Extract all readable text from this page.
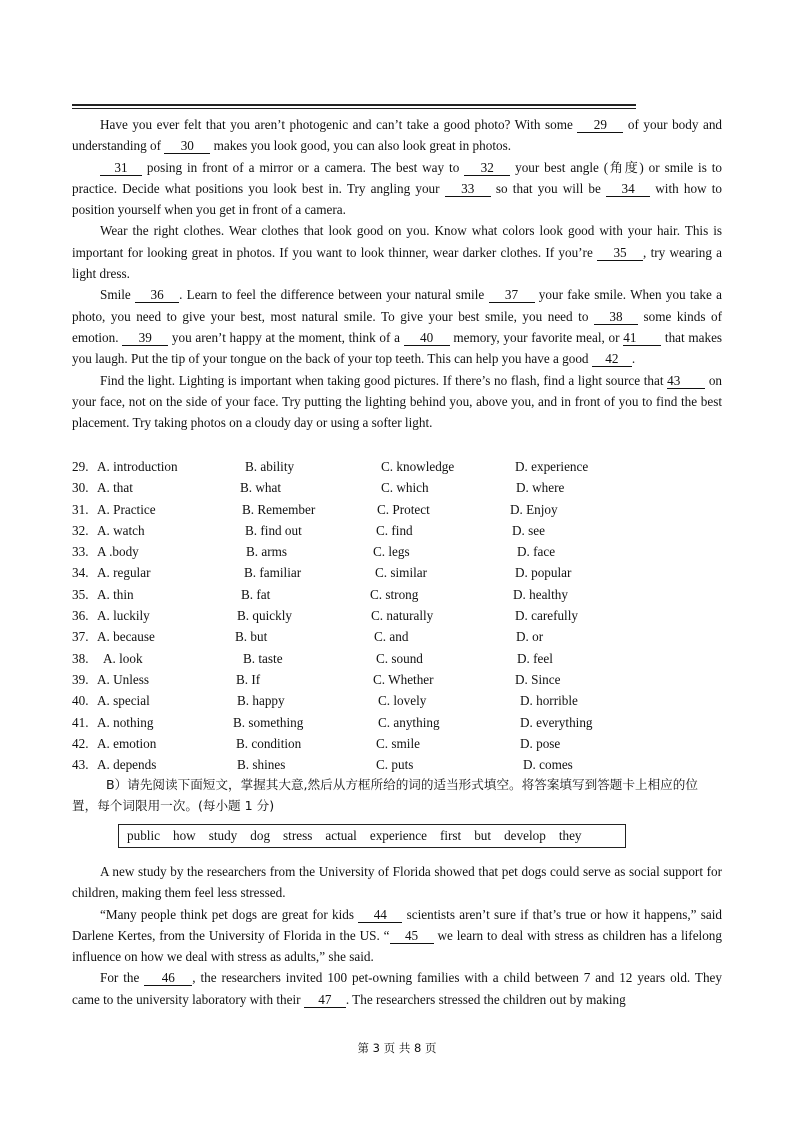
Have you ever felt that you aren’t photogenic and can’t take a good photo? With some 29 of your body and understanding of 30 makes you look good, you can also look great in photos.

31 posing in front of a mirror or a camera. The best way to 32 your best angle (角度) or smile is to practice. Decide what positions you look best in. Try angling your 33 so that you will be 34 with how to position yourself when you get in front of a camera.

Wear the right clothes. Wear clothes that look good on you. Know what colors look good with your hair. This is important for looking great in photos. If you want to look thinner, wear darker clothes. If you’re 35 , try wearing a light dress.

Smile 36 . Learn to feel the difference between your natural smile 37 your fake smile. When you take a photo, you need to give your best, most natural smile. To give your best smile, you need to 38 some kinds of emotion. 39 you aren’t happy at the moment, think of a 40 memory, your favorite meal, or 41 that makes you laugh. Put the tip of your tongue on the back of your top teeth. This can help you have a good 42 .

Find the light. Lighting is important when taking good pictures. If there’s no flash, find a light source that 43 on your face, not on the side of your face. Try putting the lighting behind you, above you, and in front of you to find the best placement. Try taking photos on a cloudy day or using a softer light.

29. A. introduction	B. ability	C. knowledge	D. experience
30. A. that	B. what	C. which	D. where
31. A. Practice	B. Remember	C. Protect	D. Enjoy
32. A. watch	B. find out	C. find	D. see
33. A .body	B. arms	C. legs	D. face
34. A. regular	B. familiar	C. similar	D. popular
35. A. thin	B. fat	C. strong	D. healthy
36. A. luckily	B. quickly	C. naturally	D. carefully
37. A. because	B. but	C. and	D. or
38. A. look	B. taste	C. sound	D. feel
39. A. Unless	B. If	C. Whether	D. Since
40. A. special	B. happy	C. lovely	D. horrible
41. A. nothing	B. something	C. anything	D. everything
42. A. emotion	B. condition	C. smile	D. pose
43. A. depends	B. shines	C. puts	D. comes
B）请先阅读下面短文，掌握其大意,然后从方框所给的词的适当形式填空。将答案填写到答题卡上相应的位置，每个词限用一次。(每小题 1 分)
public how study dog stress actual experience first but develop they

A new study by the researchers from the University of Florida showed that pet dogs could serve as social support for children, making them feel less stressed.

“Many people think pet dogs are great for kids 44 scientists aren’t sure if that’s true or how it happens,” said Darlene Kertes, from the University of Florida in the US. “ 45 we learn to deal with stress as children has a lifelong influence on how we deal with stress as adults,” she said.

For the 46 , the researchers invited 100 pet-owning families with a child between 7 and 12 years old. They came to the university laboratory with their 47 . The researchers stressed the children out by making

第 3 页 共 8 页
